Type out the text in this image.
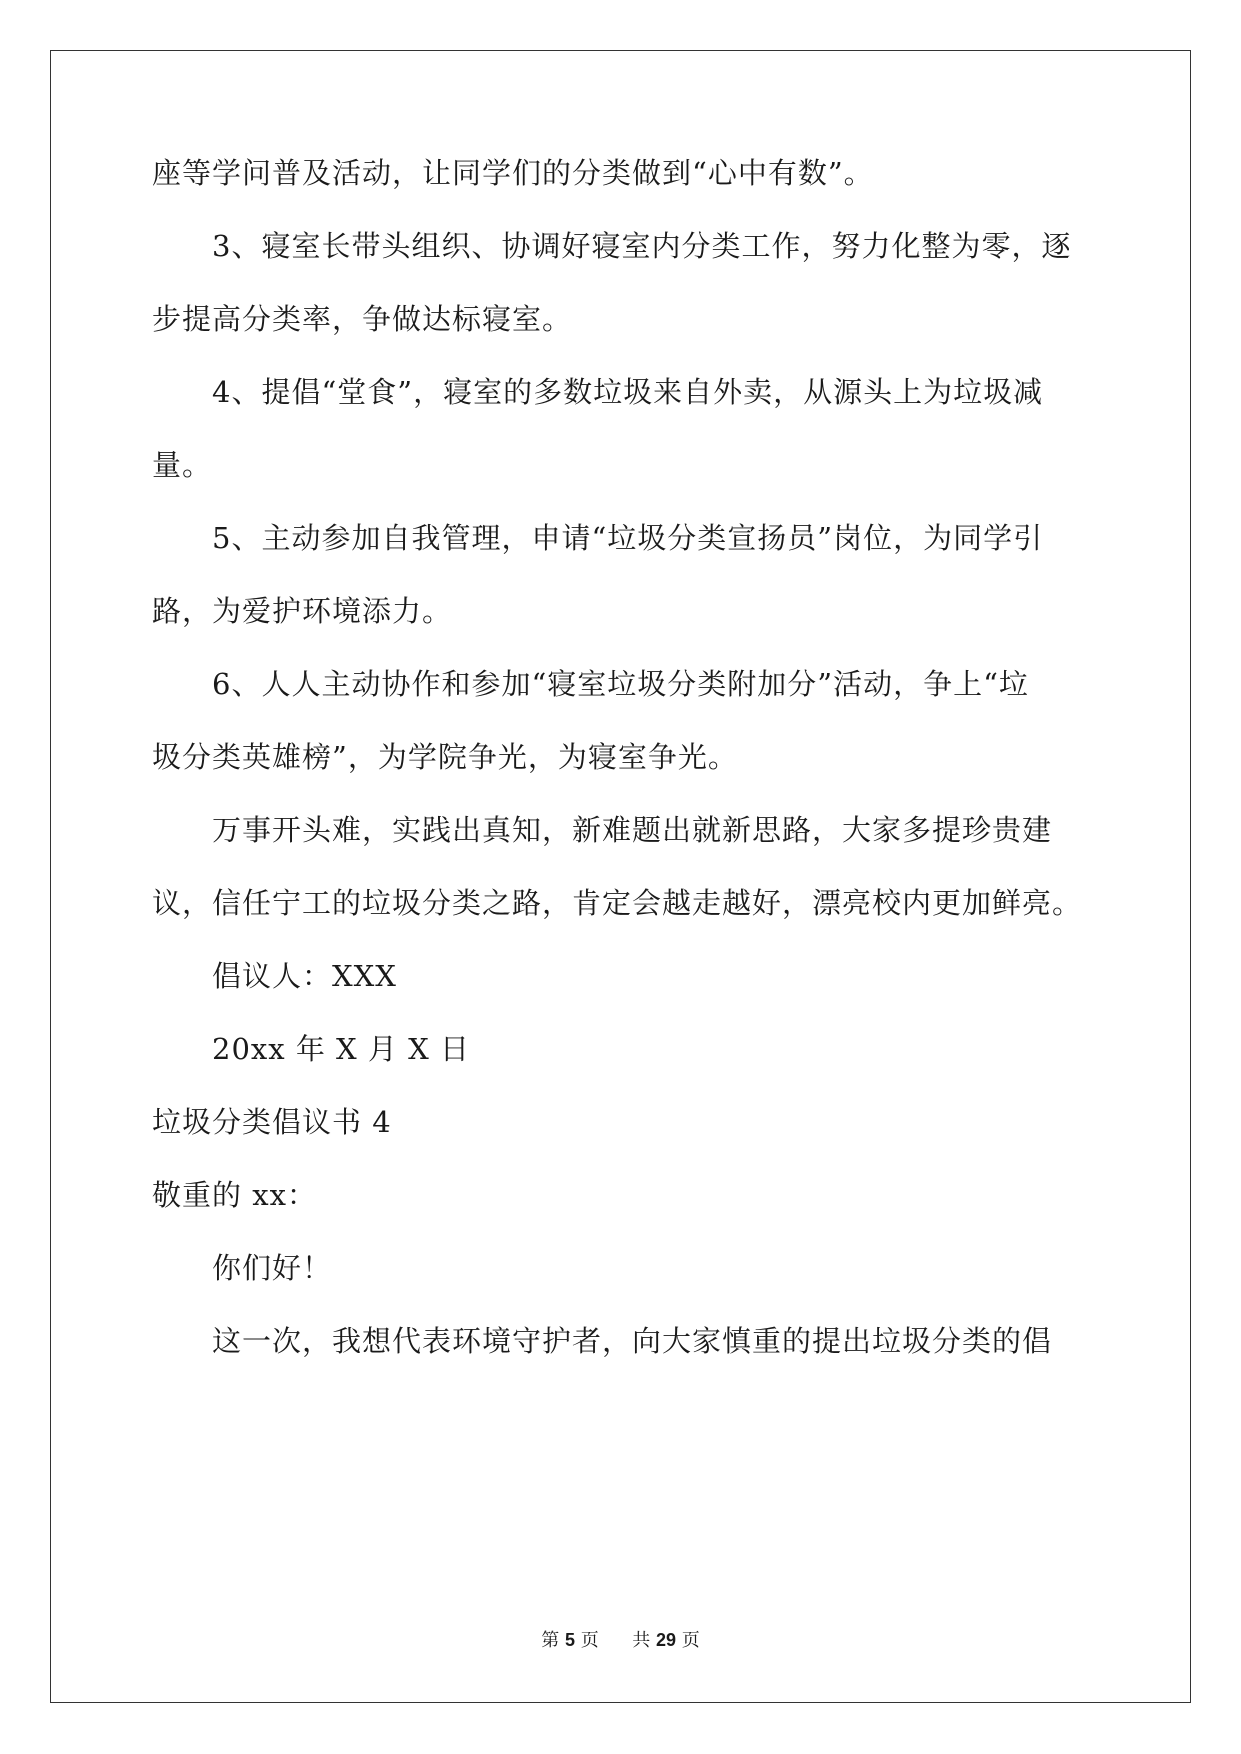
座等学问普及活动，让同学们的分类做到“心中有数”。
3、寝室长带头组织、协调好寝室内分类工作，努力化整为零，逐
步提高分类率，争做达标寝室。
4、提倡“堂食”，寝室的多数垃圾来自外卖，从源头上为垃圾减
量。
5、主动参加自我管理，申请“垃圾分类宣扬员”岗位，为同学引
路，为爱护环境添力。
6、人人主动协作和参加“寝室垃圾分类附加分”活动，争上“垃
圾分类英雄榜”，为学院争光，为寝室争光。
万事开头难，实践出真知，新难题出就新思路，大家多提珍贵建
议，信任宁工的垃圾分类之路，肯定会越走越好，漂亮校内更加鲜亮。
倡议人：XXX
20xx 年 X 月 X 日
垃圾分类倡议书 4
敬重的 xx：
你们好！
这一次，我想代表环境守护者，向大家慎重的提出垃圾分类的倡
第 5 页 共 29 页
